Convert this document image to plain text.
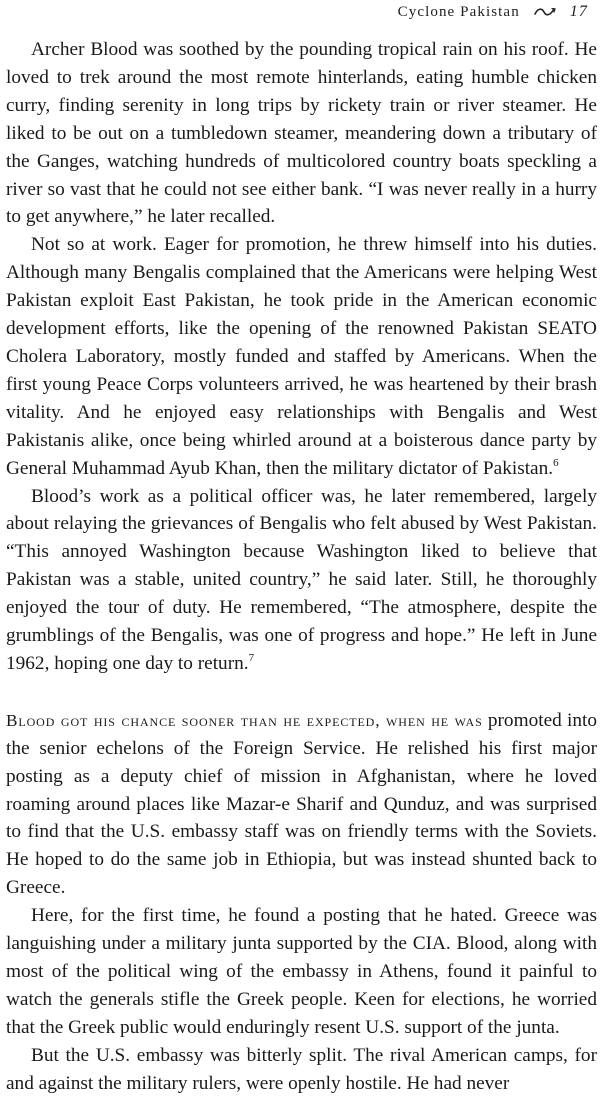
Cyclone Pakistan	17

Archer Blood was soothed by the pounding tropical rain on his roof. He loved to trek around the most remote hinterlands, eating humble chicken curry, finding serenity in long trips by rickety train or river steamer. He liked to be out on a tumbledown steamer, meandering down a tributary of the Ganges, watching hundreds of multicolored country boats speckling a river so vast that he could not see either bank. “I was never really in a hurry to get anywhere,” he later recalled.

Not so at work. Eager for promotion, he threw himself into his duties. Although many Bengalis complained that the Americans were helping West Pakistan exploit East Pakistan, he took pride in the American economic development efforts, like the opening of the renowned Pakistan SEATO Cholera Laboratory, mostly funded and staffed by Americans. When the first young Peace Corps volunteers arrived, he was heartened by their brash vitality. And he enjoyed easy relationships with Bengalis and West Pakistanis alike, once being whirled around at a boisterous dance party by General Muhammad Ayub Khan, then the military dictator of Pakistan.$^6$

Blood’s work as a political officer was, he later remembered, largely about relaying the grievances of Bengalis who felt abused by West Pakistan. “This annoyed Washington because Washington liked to believe that Pakistan was a stable, united country,” he said later. Still, he thoroughly enjoyed the tour of duty. He remembered, “The atmosphere, despite the grumblings of the Bengalis, was one of progress and hope.” He left in June 1962, hoping one day to return.$^7$

Blood got his chance sooner than he expected, when he was promoted into the senior echelons of the Foreign Service. He relished his first major posting as a deputy chief of mission in Afghanistan, where he loved roaming around places like Mazar-e Sharif and Qunduz, and was surprised to find that the U.S. embassy staff was on friendly terms with the Soviets. He hoped to do the same job in Ethiopia, but was instead shunted back to Greece.

Here, for the first time, he found a posting that he hated. Greece was languishing under a military junta supported by the CIA. Blood, along with most of the political wing of the embassy in Athens, found it painful to watch the generals stifle the Greek people. Keen for elections, he worried that the Greek public would enduringly resent U.S. support of the junta.

But the U.S. embassy was bitterly split. The rival American camps, for and against the military rulers, were openly hostile. He had never
